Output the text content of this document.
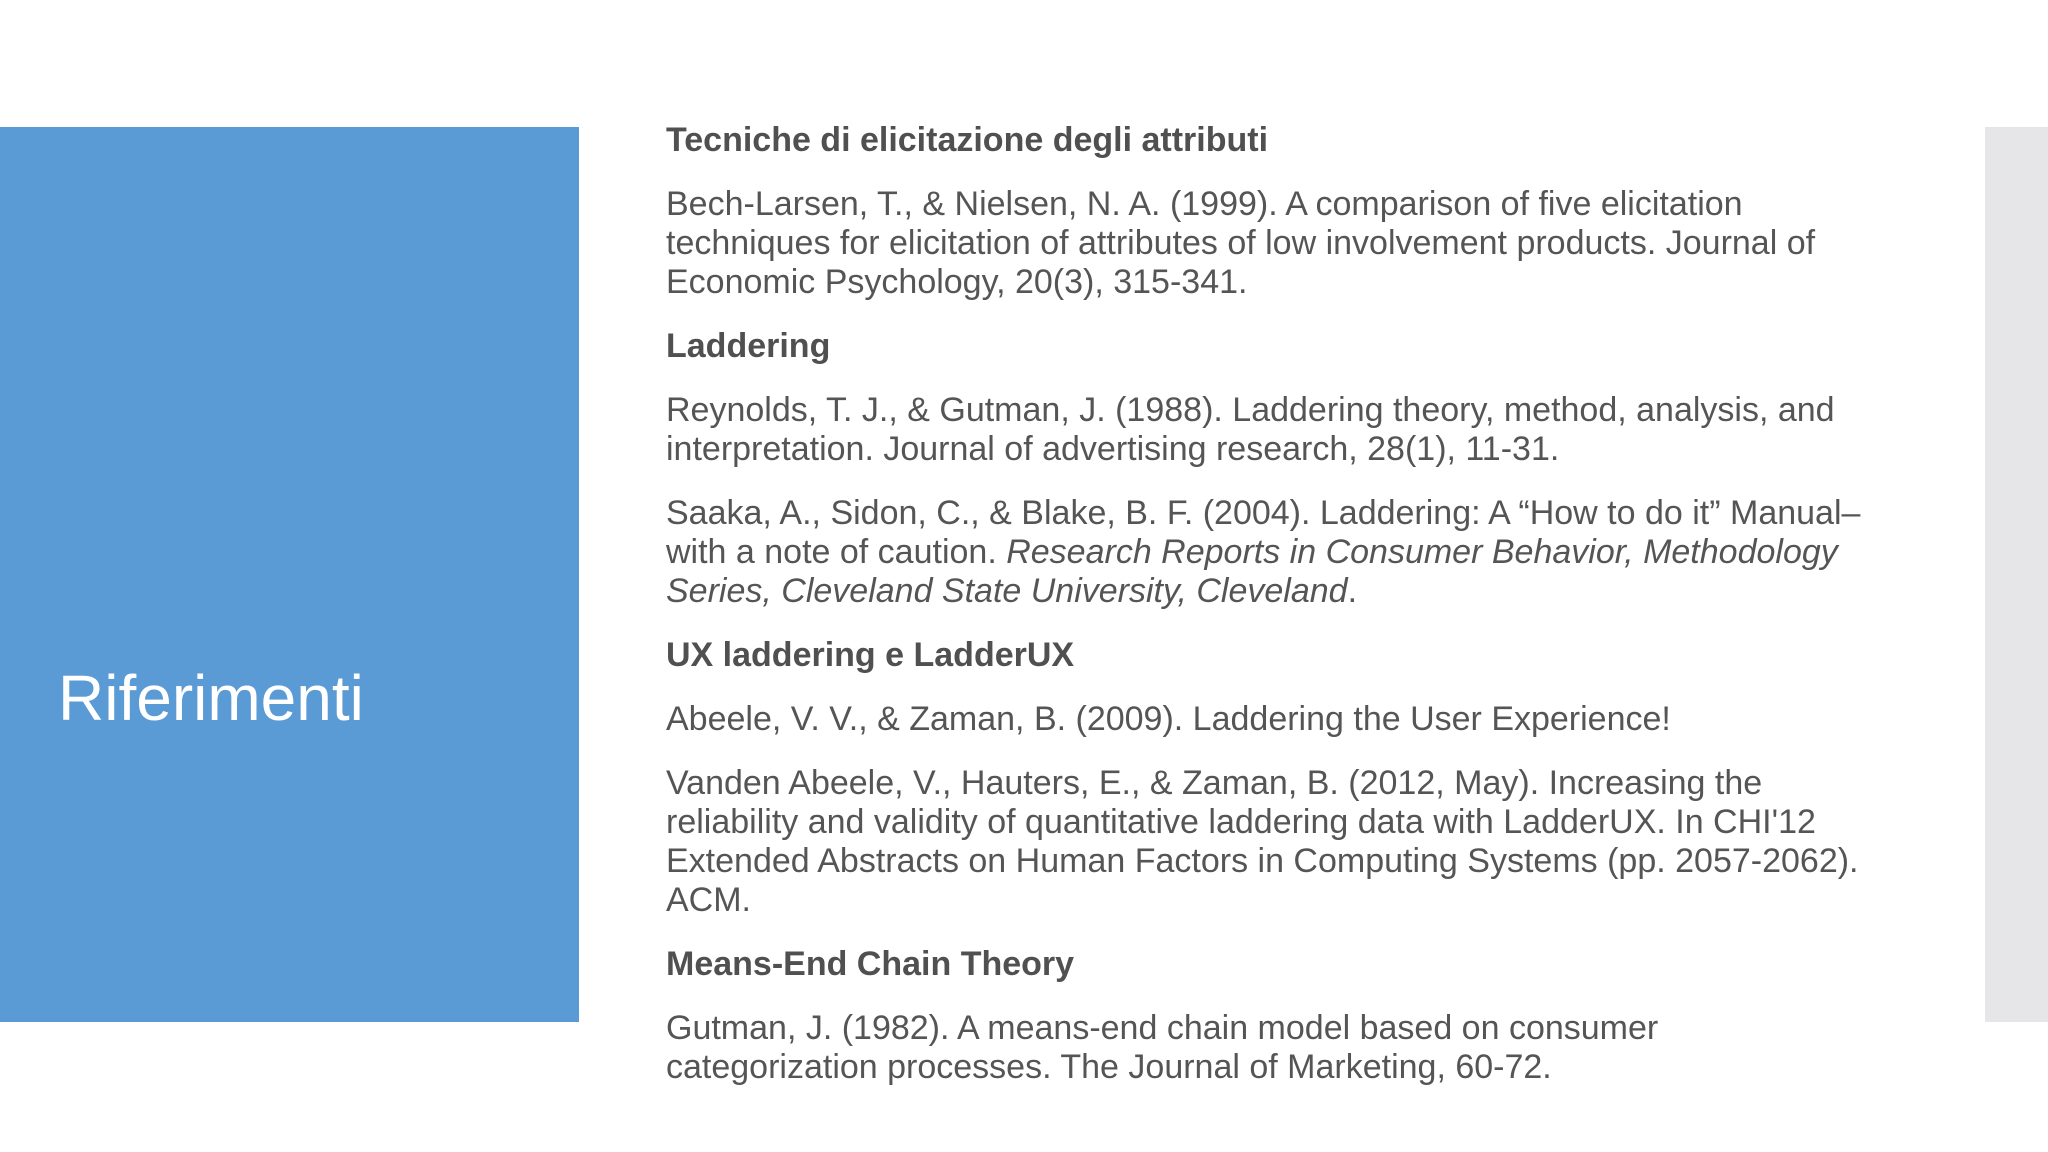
Riferimenti

Tecniche di elicitazione degli attributi

Bech-Larsen, T., & Nielsen, N. A. (1999). A comparison of five elicitation techniques for elicitation of attributes of low involvement products. Journal of Economic Psychology, 20(3), 315-341.

Laddering

Reynolds, T. J., & Gutman, J. (1988). Laddering theory, method, analysis, and interpretation. Journal of advertising research, 28(1), 11-31.

Saaka, A., Sidon, C., & Blake, B. F. (2004). Laddering: A “How to do it” Manual–with a note of caution. Research Reports in Consumer Behavior, Methodology Series, Cleveland State University, Cleveland.

UX laddering e LadderUX

Abeele, V. V., & Zaman, B. (2009). Laddering the User Experience!

Vanden Abeele, V., Hauters, E., & Zaman, B. (2012, May). Increasing the reliability and validity of quantitative laddering data with LadderUX. In CHI'12 Extended Abstracts on Human Factors in Computing Systems (pp. 2057-2062). ACM.

Means-End Chain Theory

Gutman, J. (1982). A means-end chain model based on consumer categorization processes. The Journal of Marketing, 60-72.
